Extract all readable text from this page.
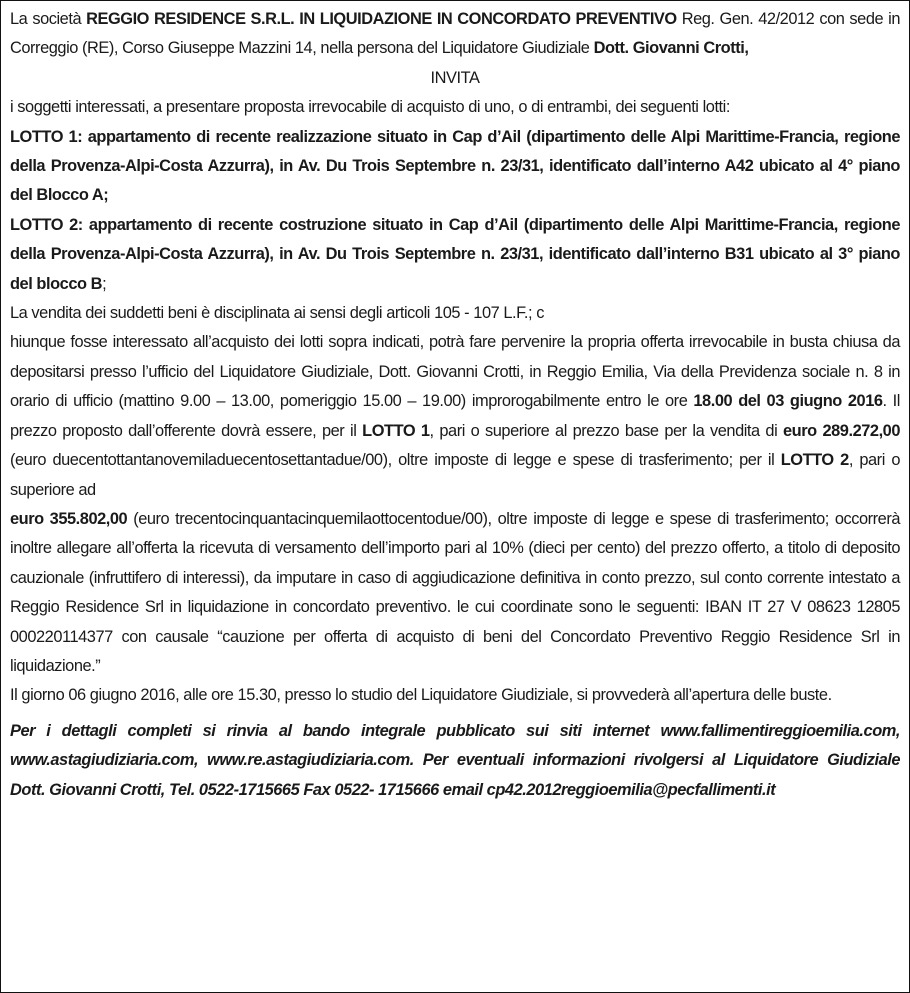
La società REGGIO RESIDENCE S.R.L. IN LIQUIDAZIONE IN CONCORDATO PREVENTIVO Reg. Gen. 42/2012 con sede in Correggio (RE), Corso Giuseppe Mazzini 14, nella persona del Liquidatore Giudiziale Dott. Giovanni Crotti,

INVITA

i soggetti interessati, a presentare proposta irrevocabile di acquisto di uno, o di entrambi, dei seguenti lotti:

LOTTO 1: appartamento di recente realizzazione situato in Cap d’Ail (dipartimento delle Alpi Marittime-Francia, regione della Provenza-Alpi-Costa Azzurra), in Av. Du Trois Septembre n. 23/31, identificato dall’interno A42 ubicato al 4° piano del Blocco A;

LOTTO 2: appartamento di recente costruzione situato in Cap d’Ail (dipartimento delle Alpi Marittime-Francia, regione della Provenza-Alpi-Costa Azzurra), in Av. Du Trois Septembre n. 23/31, identificato dall’interno B31 ubicato al 3° piano del blocco B;

La vendita dei suddetti beni è disciplinata ai sensi degli articoli 105 - 107 L.F.; c

hiunque fosse interessato all’acquisto dei lotti sopra indicati, potrà fare pervenire la propria offerta irrevocabile in busta chiusa da depositarsi presso l’ufficio del Liquidatore Giudiziale, Dott. Giovanni Crotti, in Reggio Emilia, Via della Previdenza sociale n. 8 in orario di ufficio (mattino 9.00 – 13.00, pomeriggio 15.00 – 19.00) improrogabilmente entro le ore 18.00 del 03 giugno 2016. Il prezzo proposto dall’offerente dovrà essere, per il LOTTO 1, pari o superiore al prezzo base per la vendita di euro 289.272,00 (euro duecentottantanovemiladuecentosettantadue/00), oltre imposte di legge e spese di trasferimento; per il LOTTO 2, pari o superiore ad

euro 355.802,00 (euro trecentocinquantacinquemilaottocentodue/00), oltre imposte di legge e spese di trasferimento; occorrerà inoltre allegare all’offerta la ricevuta di versamento dell’importo pari al 10% (dieci per cento) del prezzo offerto, a titolo di deposito cauzionale (infruttifero di interessi), da imputare in caso di aggiudicazione definitiva in conto prezzo, sul conto corrente intestato a Reggio Residence Srl in liquidazione in concordato preventivo. le cui coordinate sono le seguenti: IBAN IT 27 V 08623 12805 000220114377 con causale “cauzione per offerta di acquisto di beni del Concordato Preventivo Reggio Residence Srl in liquidazione.”

Il giorno 06 giugno 2016, alle ore 15.30, presso lo studio del Liquidatore Giudiziale, si provvederà all’apertura delle buste.

Per i dettagli completi si rinvia al bando integrale pubblicato sui siti internet www.fallimentireggioemilia.com, www.astagiudiziaria.com, www.re.astagiudiziaria.com. Per eventuali informazioni rivolgersi al Liquidatore Giudiziale Dott. Giovanni Crotti, Tel. 0522-1715665 Fax 0522- 1715666 email cp42.2012reggioemilia@pecfallimenti.it
